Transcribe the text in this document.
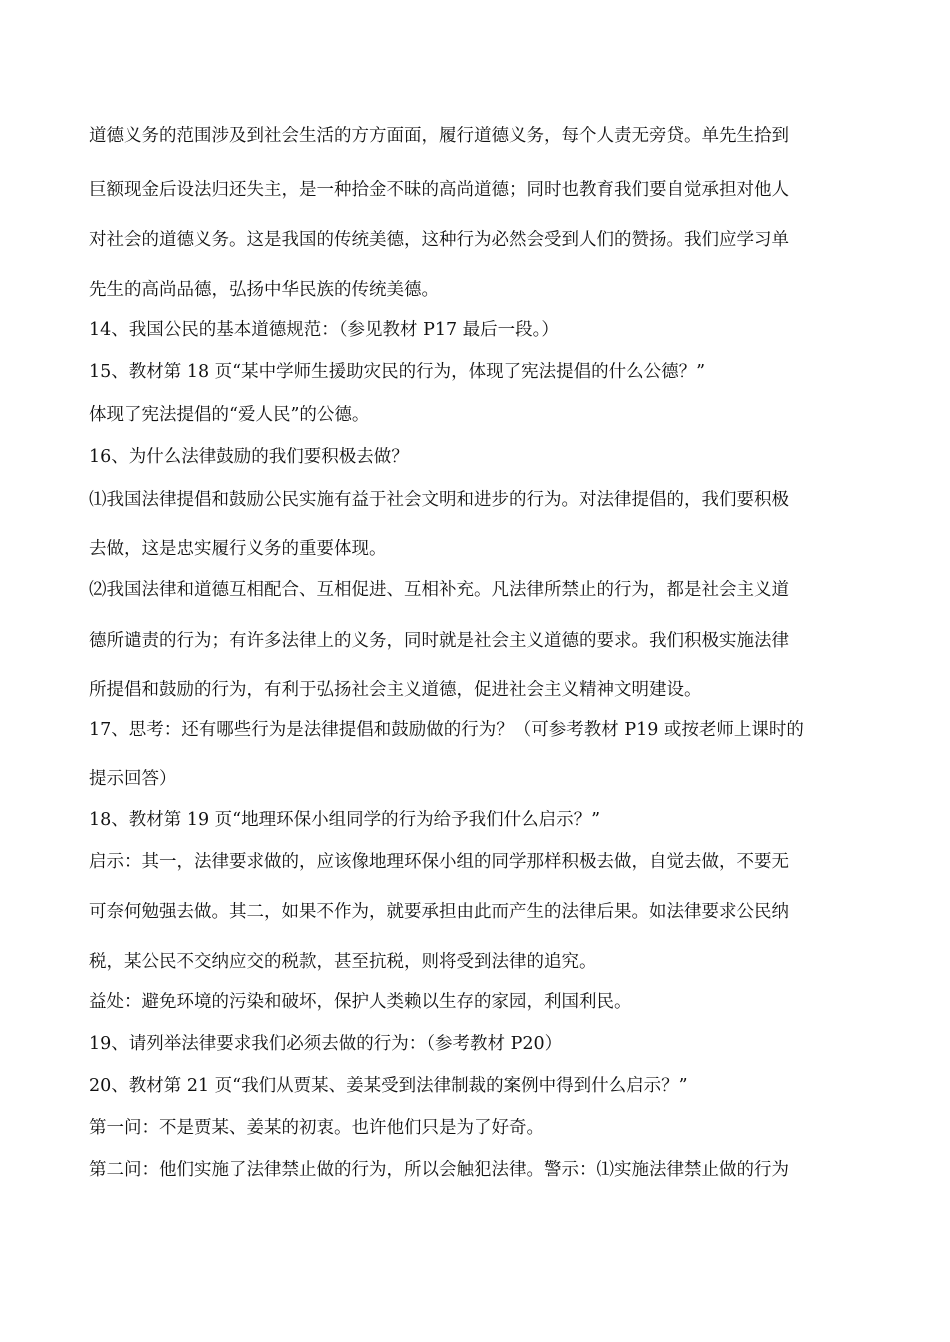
道德义务的范围涉及到社会生活的方方面面，履行道德义务，每个人责无旁贷。单先生拾到
巨额现金后设法归还失主，是一种拾金不昧的高尚道德；同时也教育我们要自觉承担对他人
对社会的道德义务。这是我国的传统美德，这种行为必然会受到人们的赞扬。我们应学习单
先生的高尚品德，弘扬中华民族的传统美德。
14、我国公民的基本道德规范：（参见教材 P17 最后一段。）
15、教材第 18 页“某中学师生援助灾民的行为，体现了宪法提倡的什么公德？”
体现了宪法提倡的“爱人民”的公德。
16、为什么法律鼓励的我们要积极去做？
⑴我国法律提倡和鼓励公民实施有益于社会文明和进步的行为。对法律提倡的，我们要积极
去做，这是忠实履行义务的重要体现。
⑵我国法律和道德互相配合、互相促进、互相补充。凡法律所禁止的行为，都是社会主义道
德所谴责的行为；有许多法律上的义务，同时就是社会主义道德的要求。我们积极实施法律
所提倡和鼓励的行为，有利于弘扬社会主义道德，促进社会主义精神文明建设。
17、思考：还有哪些行为是法律提倡和鼓励做的行为？（可参考教材 P19 或按老师上课时的
提示回答）
18、教材第 19 页“地理环保小组同学的行为给予我们什么启示？”
启示：其一，法律要求做的，应该像地理环保小组的同学那样积极去做，自觉去做，不要无
可奈何勉强去做。其二，如果不作为，就要承担由此而产生的法律后果。如法律要求公民纳
税，某公民不交纳应交的税款，甚至抗税，则将受到法律的追究。
益处：避免环境的污染和破坏，保护人类赖以生存的家园，利国利民。
19、请列举法律要求我们必须去做的行为：（参考教材 P20）
20、教材第 21 页“我们从贾某、姜某受到法律制裁的案例中得到什么启示？”
第一问：不是贾某、姜某的初衷。也许他们只是为了好奇。
第二问：他们实施了法律禁止做的行为，所以会触犯法律。警示：⑴实施法律禁止做的行为
